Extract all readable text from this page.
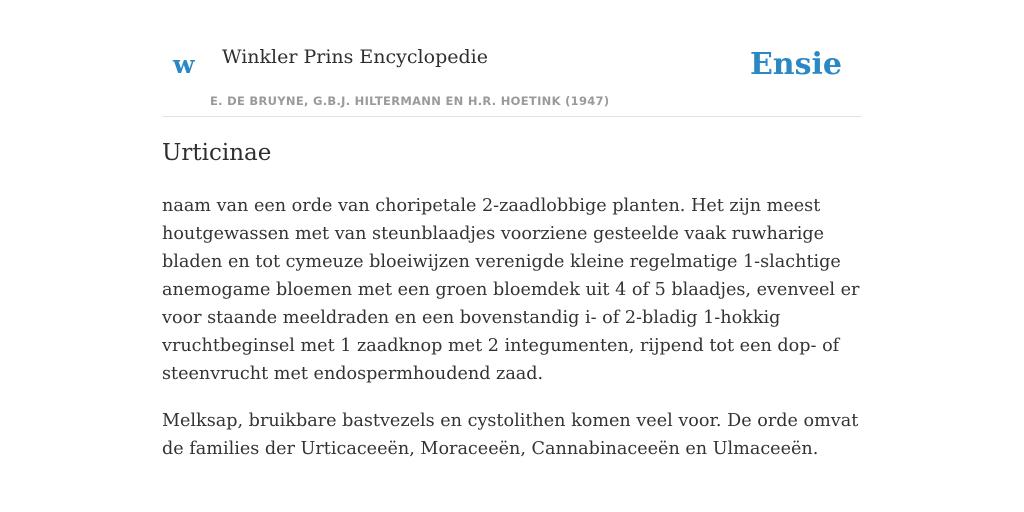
w Winkler Prins Encyclopedie
E. DE BRUYNE, G.B.J. HILTERMANN EN H.R. HOETINK (1947)
Ensie
Urticinae

naam van een orde van choripetale 2-zaadlobbige planten. Het zijn meest houtgewassen met van steunblaadjes voorziene gesteelde vaak ruwharige bladen en tot cymeuze bloeiwijzen verenigde kleine regelmatige 1-slachtige anemogame bloemen met een groen bloemdek uit 4 of 5 blaadjes, evenveel er voor staande meeldraden en een bovenstandig i- of 2-bladig 1-hokkig vruchtbeginsel met 1 zaadknop met 2 integumenten, rijpend tot een dop- of steenvrucht met endospermhoudend zaad.

Melksap, bruikbare bastvezels en cystolithen komen veel voor. De orde omvat de families der Urticaceeën, Moraceeën, Cannabinaceeën en Ulmaceeën.
